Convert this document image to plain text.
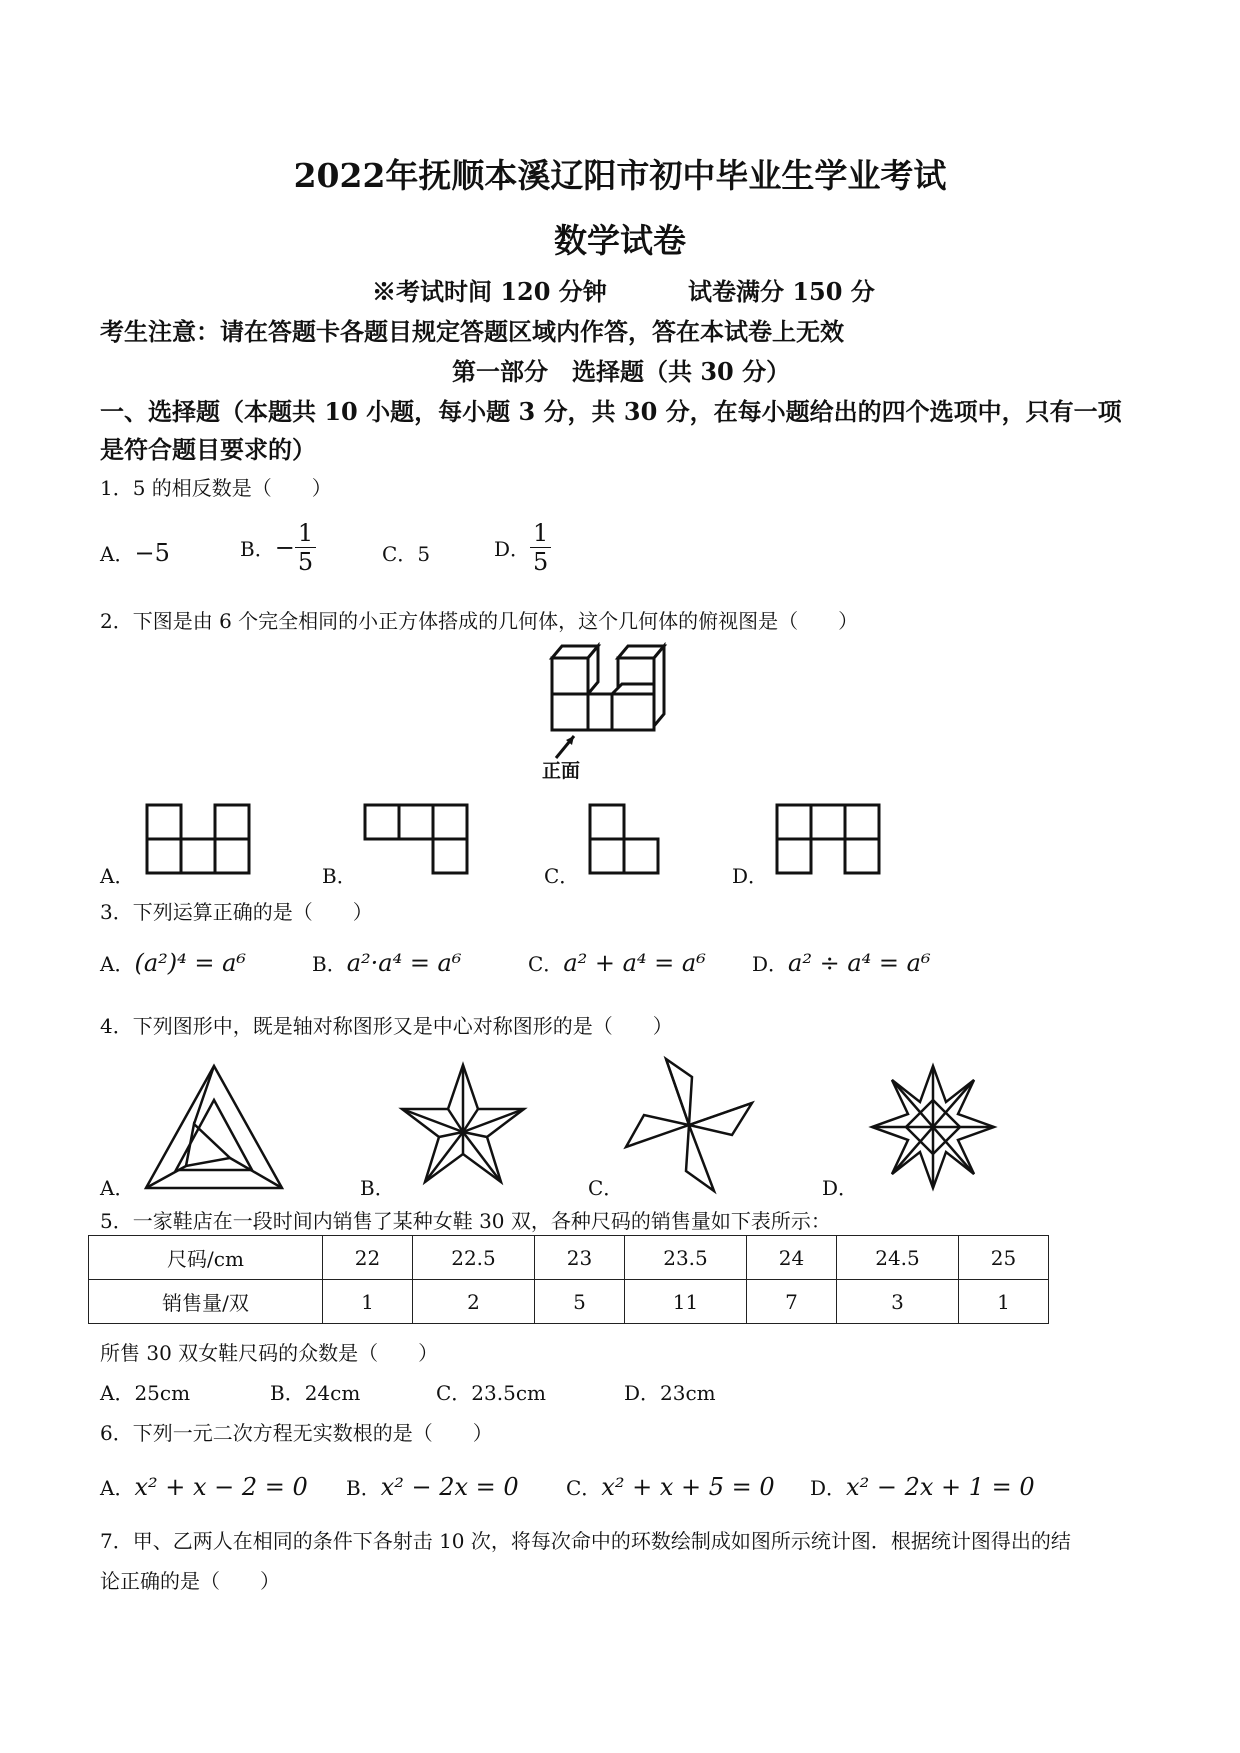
2022年抚顺本溪辽阳市初中毕业生学业考试
数学试卷
※考试时间 120 分钟	试卷满分 150 分
考生注意：请在答题卡各题目规定答题区域内作答，答在本试卷上无效
第一部分　选择题（共 30 分）
一、选择题（本题共 10 小题，每小题 3 分，共 30 分，在每小题给出的四个选项中，只有一项
是符合题目要求的）
1．5 的相反数是（　　）
A．−5	B．− $\frac{1}{5}$	C．5	D． $\frac{1}{5}$
2．下图是由 6 个完全相同的小正方体搭成的几何体，这个几何体的俯视图是（　　）
正面
A．	B．	C．	D．
3．下列运算正确的是（　　）
A．(a²)⁴ = a⁶	B．a²·a⁴ = a⁶	C．a² + a⁴ = a⁶ D．a² ÷ a⁴ = a⁶
4．下列图形中，既是轴对称图形又是中心对称图形的是（　　）
A．	B．	C．	D．
5．一家鞋店在一段时间内销售了某种女鞋 30 双，各种尺码的销售量如下表所示：
尺码/cm	22	22.5	23	23.5	24	24.5	25
销售量/双	1	2	5	11	7	3	1
所售 30 双女鞋尺码的众数是（　　）
A．25cm	B．24cm	C．23.5cm	D．23cm
6．下列一元二次方程无实数根的是（　　）
A．x² + x − 2 = 0 B．x² − 2x = 0 C．x² + x + 5 = 0 D．x² − 2x + 1 = 0
7．甲、乙两人在相同的条件下各射击 10 次，将每次命中的环数绘制成如图所示统计图．根据统计图得出的结
论正确的是（　　）
